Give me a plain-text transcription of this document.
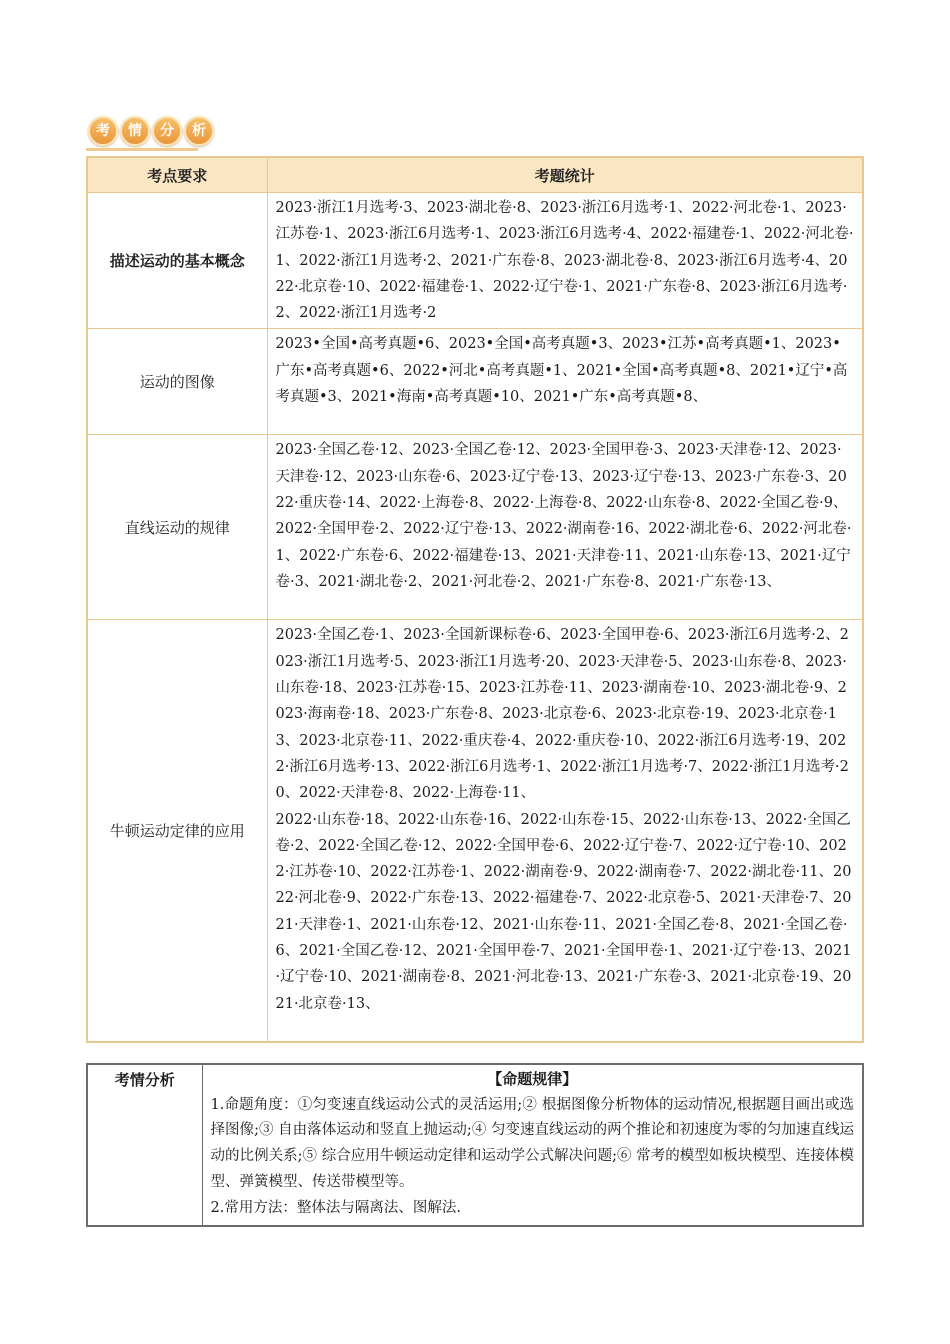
考	情	分	析
考点要求	考题统计
描述运动的基本概念	2023·浙江1月选考·3、2023·湖北卷·8、2023·浙江6月选考·1、2022·河北卷·1、2023·江苏卷·1、2023·浙江6月选考·1、2023·浙江6月选考·4、2022·福建卷·1、2022·河北卷·1、2022·浙江1月选考·2、2021·广东卷·8、2023·湖北卷·8、2023·浙江6月选考·4、2022·北京卷·10、2022·福建卷·1、2022·辽宁卷·1、2021·广东卷·8、2023·浙江6月选考·2、2022·浙江1月选考·2
运动的图像	2023•全国•高考真题•6、2023•全国•高考真题•3、2023•江苏•高考真题•1、2023•广东•高考真题•6、2022•河北•高考真题•1、2021•全国•高考真题•8、2021•辽宁•高考真题•3、2021•海南•高考真题•10、2021•广东•高考真题•8、
直线运动的规律	2023·全国乙卷·12、2023·全国乙卷·12、2023·全国甲卷·3、2023·天津卷·12、2023·天津卷·12、2023·山东卷·6、2023·辽宁卷·13、2023·辽宁卷·13、2023·广东卷·3、2022·重庆卷·14、2022·上海卷·8、2022·上海卷·8、2022·山东卷·8、2022·全国乙卷·9、2022·全国甲卷·2、2022·辽宁卷·13、2022·湖南卷·16、2022·湖北卷·6、2022·河北卷·1、2022·广东卷·6、2022·福建卷·13、2021·天津卷·11、2021·山东卷·13、2021·辽宁卷·3、2021·湖北卷·2、2021·河北卷·2、2021·广东卷·8、2021·广东卷·13、
牛顿运动定律的应用	2023·全国乙卷·1、2023·全国新课标卷·6、2023·全国甲卷·6、2023·浙江6月选考·2、2023·浙江1月选考·5、2023·浙江1月选考·20、2023·天津卷·5、2023·山东卷·8、2023·山东卷·18、2023·江苏卷·15、2023·江苏卷·11、2023·湖南卷·10、2023·湖北卷·9、2023·海南卷·18、2023·广东卷·8、2023·北京卷·6、2023·北京卷·19、2023·北京卷·13、2023·北京卷·11、2022·重庆卷·4、2022·重庆卷·10、2022·浙江6月选考·19、2022·浙江6月选考·13、2022·浙江6月选考·1、2022·浙江1月选考·7、2022·浙江1月选考·20、2022·天津卷·8、2022·上海卷·11、
2022·山东卷·18、2022·山东卷·16、2022·山东卷·15、2022·山东卷·13、2022·全国乙卷·2、2022·全国乙卷·12、2022·全国甲卷·6、2022·辽宁卷·7、2022·辽宁卷·10、2022·江苏卷·10、2022·江苏卷·1、2022·湖南卷·9、2022·湖南卷·7、2022·湖北卷·11、2022·河北卷·9、2022·广东卷·13、2022·福建卷·7、2022·北京卷·5、2021·天津卷·7、2021·天津卷·1、2021·山东卷·12、2021·山东卷·11、2021·全国乙卷·8、2021·全国乙卷·6、2021·全国乙卷·12、2021·全国甲卷·7、2021·全国甲卷·1、2021·辽宁卷·13、2021·辽宁卷·10、2021·湖南卷·8、2021·河北卷·13、2021·广东卷·3、2021·北京卷·19、2021·北京卷·13、
考情分析	【命题规律】
1.命题角度：①匀变速直线运动公式的灵活运用;② 根据图像分析物体的运动情况,根据题目画出或选择图像;③ 自由落体运动和竖直上抛运动;④ 匀变速直线运动的两个推论和初速度为零的匀加速直线运动的比例关系;⑤ 综合应用牛顿运动定律和运动学公式解决问题;⑥ 常考的模型如板块模型、连接体模型、弹簧模型、传送带模型等。
2.常用方法：整体法与隔离法、图解法.
